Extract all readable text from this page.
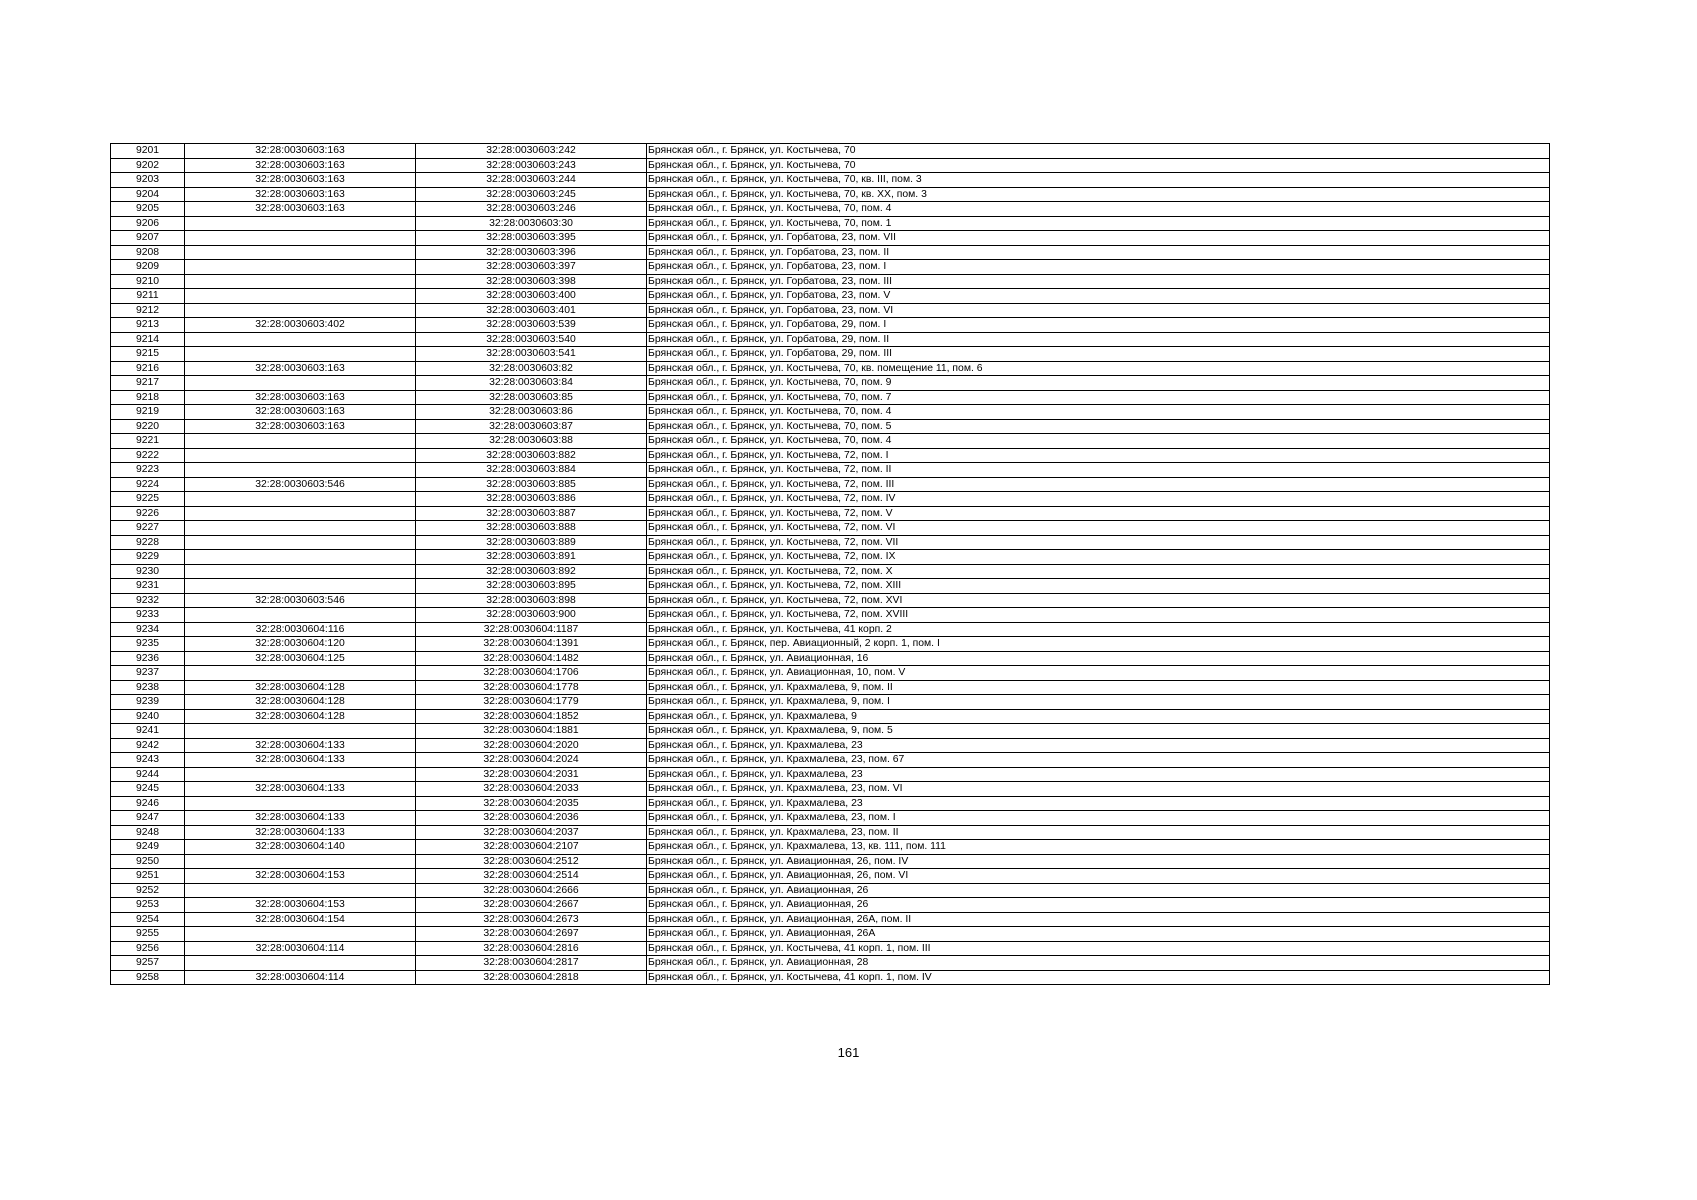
9201	32:28:0030603:163	32:28:0030603:242	Брянская обл., г. Брянск, ул. Костычева, 70
9202	32:28:0030603:163	32:28:0030603:243	Брянская обл., г. Брянск, ул. Костычева, 70
9203	32:28:0030603:163	32:28:0030603:244	Брянская обл., г. Брянск, ул. Костычева, 70, кв. III, пом. 3
9204	32:28:0030603:163	32:28:0030603:245	Брянская обл., г. Брянск, ул. Костычева, 70, кв. XX, пом. 3
9205	32:28:0030603:163	32:28:0030603:246	Брянская обл., г. Брянск, ул. Костычева, 70, пом. 4
9206		32:28:0030603:30	Брянская обл., г. Брянск, ул. Костычева, 70, пом. 1
9207		32:28:0030603:395	Брянская обл., г. Брянск, ул. Горбатова, 23, пом. VII
9208		32:28:0030603:396	Брянская обл., г. Брянск, ул. Горбатова, 23, пом. II
9209		32:28:0030603:397	Брянская обл., г. Брянск, ул. Горбатова, 23, пом. I
9210		32:28:0030603:398	Брянская обл., г. Брянск, ул. Горбатова, 23, пом. III
9211		32:28:0030603:400	Брянская обл., г. Брянск, ул. Горбатова, 23, пом. V
9212		32:28:0030603:401	Брянская обл., г. Брянск, ул. Горбатова, 23, пом. VI
9213	32:28:0030603:402	32:28:0030603:539	Брянская обл., г. Брянск, ул. Горбатова, 29, пом. I
9214		32:28:0030603:540	Брянская обл., г. Брянск, ул. Горбатова, 29, пом. II
9215		32:28:0030603:541	Брянская обл., г. Брянск, ул. Горбатова, 29, пом. III
9216	32:28:0030603:163	32:28:0030603:82	Брянская обл., г. Брянск, ул. Костычева, 70, кв. помещение 11, пом. 6
9217		32:28:0030603:84	Брянская обл., г. Брянск, ул. Костычева, 70, пом. 9
9218	32:28:0030603:163	32:28:0030603:85	Брянская обл., г. Брянск, ул. Костычева, 70, пом. 7
9219	32:28:0030603:163	32:28:0030603:86	Брянская обл., г. Брянск, ул. Костычева, 70, пом. 4
9220	32:28:0030603:163	32:28:0030603:87	Брянская обл., г. Брянск, ул. Костычева, 70, пом. 5
9221		32:28:0030603:88	Брянская обл., г. Брянск, ул. Костычева, 70, пом. 4
9222		32:28:0030603:882	Брянская обл., г. Брянск, ул. Костычева, 72, пом. I
9223		32:28:0030603:884	Брянская обл., г. Брянск, ул. Костычева, 72, пом. II
9224	32:28:0030603:546	32:28:0030603:885	Брянская обл., г. Брянск, ул. Костычева, 72, пом. III
9225		32:28:0030603:886	Брянская обл., г. Брянск, ул. Костычева, 72, пом. IV
9226		32:28:0030603:887	Брянская обл., г. Брянск, ул. Костычева, 72, пом. V
9227		32:28:0030603:888	Брянская обл., г. Брянск, ул. Костычева, 72, пом. VI
9228		32:28:0030603:889	Брянская обл., г. Брянск, ул. Костычева, 72, пом. VII
9229		32:28:0030603:891	Брянская обл., г. Брянск, ул. Костычева, 72, пом. IX
9230		32:28:0030603:892	Брянская обл., г. Брянск, ул. Костычева, 72, пом. X
9231		32:28:0030603:895	Брянская обл., г. Брянск, ул. Костычева, 72, пом. XIII
9232	32:28:0030603:546	32:28:0030603:898	Брянская обл., г. Брянск, ул. Костычева, 72, пом. XVI
9233		32:28:0030603:900	Брянская обл., г. Брянск, ул. Костычева, 72, пом. XVIII
9234	32:28:0030604:116	32:28:0030604:1187	Брянская обл., г. Брянск, ул. Костычева, 41 корп. 2
9235	32:28:0030604:120	32:28:0030604:1391	Брянская обл., г. Брянск, пер. Авиационный, 2 корп. 1, пом. I
9236	32:28:0030604:125	32:28:0030604:1482	Брянская обл., г. Брянск, ул. Авиационная, 16
9237		32:28:0030604:1706	Брянская обл., г. Брянск, ул. Авиационная, 10, пом. V
9238	32:28:0030604:128	32:28:0030604:1778	Брянская обл., г. Брянск, ул. Крахмалева, 9, пом. II
9239	32:28:0030604:128	32:28:0030604:1779	Брянская обл., г. Брянск, ул. Крахмалева, 9, пом. I
9240	32:28:0030604:128	32:28:0030604:1852	Брянская обл., г. Брянск, ул. Крахмалева, 9
9241		32:28:0030604:1881	Брянская обл., г. Брянск, ул. Крахмалева, 9, пом. 5
9242	32:28:0030604:133	32:28:0030604:2020	Брянская обл., г. Брянск, ул. Крахмалева, 23
9243	32:28:0030604:133	32:28:0030604:2024	Брянская обл., г. Брянск, ул. Крахмалева, 23, пом. 67
9244		32:28:0030604:2031	Брянская обл., г. Брянск, ул. Крахмалева, 23
9245	32:28:0030604:133	32:28:0030604:2033	Брянская обл., г. Брянск, ул. Крахмалева, 23, пом. VI
9246		32:28:0030604:2035	Брянская обл., г. Брянск, ул. Крахмалева, 23
9247	32:28:0030604:133	32:28:0030604:2036	Брянская обл., г. Брянск, ул. Крахмалева, 23, пом. I
9248	32:28:0030604:133	32:28:0030604:2037	Брянская обл., г. Брянск, ул. Крахмалева, 23, пом. II
9249	32:28:0030604:140	32:28:0030604:2107	Брянская обл., г. Брянск, ул. Крахмалева, 13, кв. 111, пом. 111
9250		32:28:0030604:2512	Брянская обл., г. Брянск, ул. Авиационная, 26, пом. IV
9251	32:28:0030604:153	32:28:0030604:2514	Брянская обл., г. Брянск, ул. Авиационная, 26, пом. VI
9252		32:28:0030604:2666	Брянская обл., г. Брянск, ул. Авиационная, 26
9253	32:28:0030604:153	32:28:0030604:2667	Брянская обл., г. Брянск, ул. Авиационная, 26
9254	32:28:0030604:154	32:28:0030604:2673	Брянская обл., г. Брянск, ул. Авиационная, 26А, пом. II
9255		32:28:0030604:2697	Брянская обл., г. Брянск, ул. Авиационная, 26А
9256	32:28:0030604:114	32:28:0030604:2816	Брянская обл., г. Брянск, ул. Костычева, 41 корп. 1, пом. III
9257		32:28:0030604:2817	Брянская обл., г. Брянск, ул. Авиационная, 28
9258	32:28:0030604:114	32:28:0030604:2818	Брянская обл., г. Брянск, ул. Костычева, 41 корп. 1, пом. IV
161
